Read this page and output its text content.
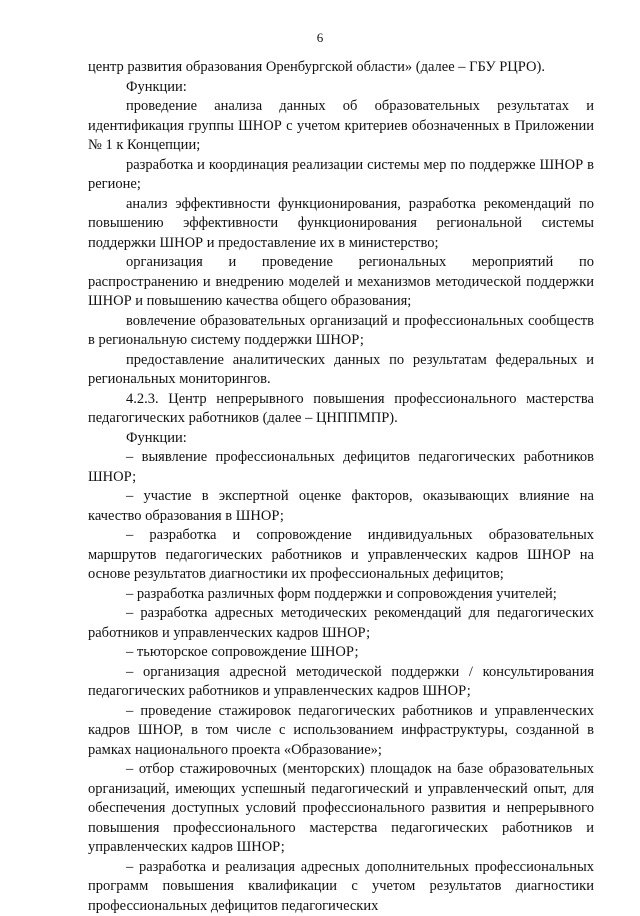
6

центр развития образования Оренбургской области» (далее – ГБУ РЦРО).

Функции:

проведение анализа данных об образовательных результатах и идентификация группы ШНОР с учетом критериев обозначенных в Приложении № 1 к Концепции;

разработка и координация реализации системы мер по поддержке ШНОР в регионе;

анализ эффективности функционирования, разработка рекомендаций по повышению эффективности функционирования региональной системы поддержки ШНОР и предоставление их в министерство;

организация и проведение региональных мероприятий по распространению и внедрению моделей и механизмов методической поддержки ШНОР и повышению качества общего образования;

вовлечение образовательных организаций и профессиональных сообществ в региональную систему поддержки ШНОР;

предоставление аналитических данных по результатам федеральных и региональных мониторингов.

4.2.3. Центр непрерывного повышения профессионального мастерства педагогических работников (далее – ЦНППМПР).

Функции:

– выявление профессиональных дефицитов педагогических работников ШНОР;

– участие в экспертной оценке факторов, оказывающих влияние на качество образования в ШНОР;

– разработка и сопровождение индивидуальных образовательных маршрутов педагогических работников и управленческих кадров ШНОР на основе результатов диагностики их профессиональных дефицитов;

– разработка различных форм поддержки и сопровождения учителей;

– разработка адресных методических рекомендаций для педагогических работников и управленческих кадров ШНОР;

– тьюторское сопровождение ШНОР;

– организация адресной методической поддержки / консультирования педагогических работников и управленческих кадров ШНОР;

– проведение стажировок педагогических работников и управленческих кадров ШНОР, в том числе с использованием инфраструктуры, созданной в рамках национального проекта «Образование»;

– отбор стажировочных (менторских) площадок на базе образовательных организаций, имеющих успешный педагогический и управленческий опыт, для обеспечения доступных условий профессионального развития и непрерывного повышения профессионального мастерства педагогических работников и управленческих кадров ШНОР;

– разработка и реализация адресных дополнительных профессиональных программ повышения квалификации с учетом результатов диагностики профессиональных дефицитов педагогических
